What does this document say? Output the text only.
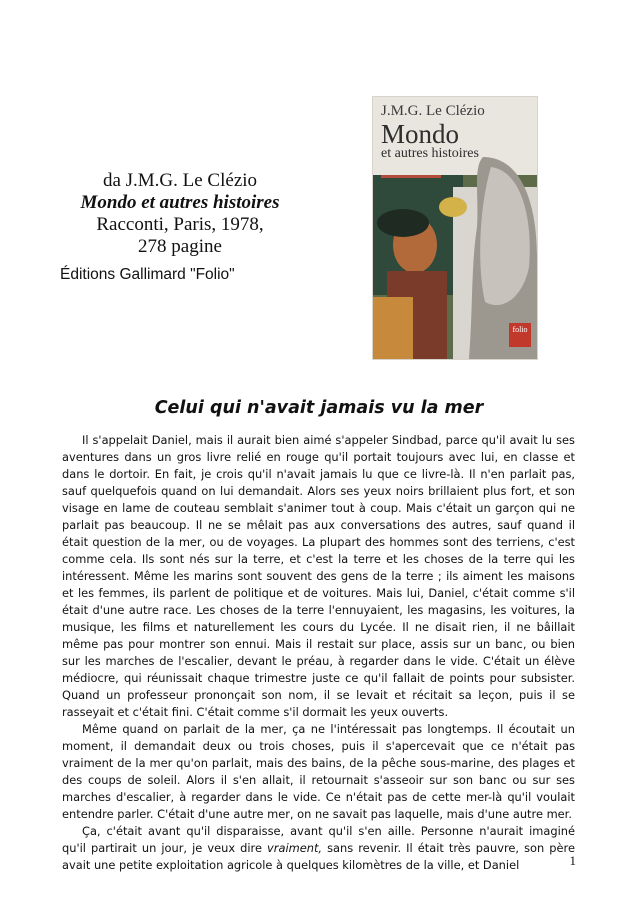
da J.M.G. Le Clézio
Mondo et autres histoires
Racconti, Paris, 1978,
278 pagine
Éditions Gallimard "Folio"
J.M.G. Le Clézio
Mondo
et autres histoires
folio
Celui qui n'avait jamais vu la mer

Il s'appelait Daniel, mais il aurait bien aimé s'appeler Sindbad, parce qu'il avait lu ses aventures dans un gros livre relié en rouge qu'il portait toujours avec lui, en classe et dans le dortoir. En fait, je crois qu'il n'avait jamais lu que ce livre-là. Il n'en parlait pas, sauf quelquefois quand on lui demandait. Alors ses yeux noirs brillaient plus fort, et son visage en lame de couteau semblait s'animer tout à coup. Mais c'était un garçon qui ne parlait pas beaucoup. Il ne se mêlait pas aux conversations des autres, sauf quand il était question de la mer, ou de voyages. La plupart des hommes sont des terriens, c'est comme cela. Ils sont nés sur la terre, et c'est la terre et les choses de la terre qui les intéressent. Même les marins sont souvent des gens de la terre ; ils aiment les maisons et les femmes, ils parlent de politique et de voitures. Mais lui, Daniel, c'était comme s'il était d'une autre race. Les choses de la terre l'ennuyaient, les magasins, les voitures, la musique, les films et naturellement les cours du Lycée. Il ne disait rien, il ne bâillait même pas pour montrer son ennui. Mais il restait sur place, assis sur un banc, ou bien sur les marches de l'escalier, devant le préau, à regarder dans le vide. C'était un élève médiocre, qui réunissait chaque trimestre juste ce qu'il fallait de points pour subsister. Quand un professeur prononçait son nom, il se levait et récitait sa leçon, puis il se rasseyait et c'était fini. C'était comme s'il dormait les yeux ouverts.

Même quand on parlait de la mer, ça ne l'intéressait pas longtemps. Il écoutait un moment, il demandait deux ou trois choses, puis il s'apercevait que ce n'était pas vraiment de la mer qu'on parlait, mais des bains, de la pêche sous-marine, des plages et des coups de soleil. Alors il s'en allait, il retournait s'asseoir sur son banc ou sur ses marches d'escalier, à regarder dans le vide. Ce n'était pas de cette mer-là qu'il voulait entendre parler. C'était d'une autre mer, on ne savait pas laquelle, mais d'une autre mer.

Ça, c'était avant qu'il disparaisse, avant qu'il s'en aille. Personne n'aurait imaginé qu'il partirait un jour, je veux dire vraiment, sans revenir. Il était très pauvre, son père avait une petite exploitation agricole à quelques kilomètres de la ville, et Daniel	1
